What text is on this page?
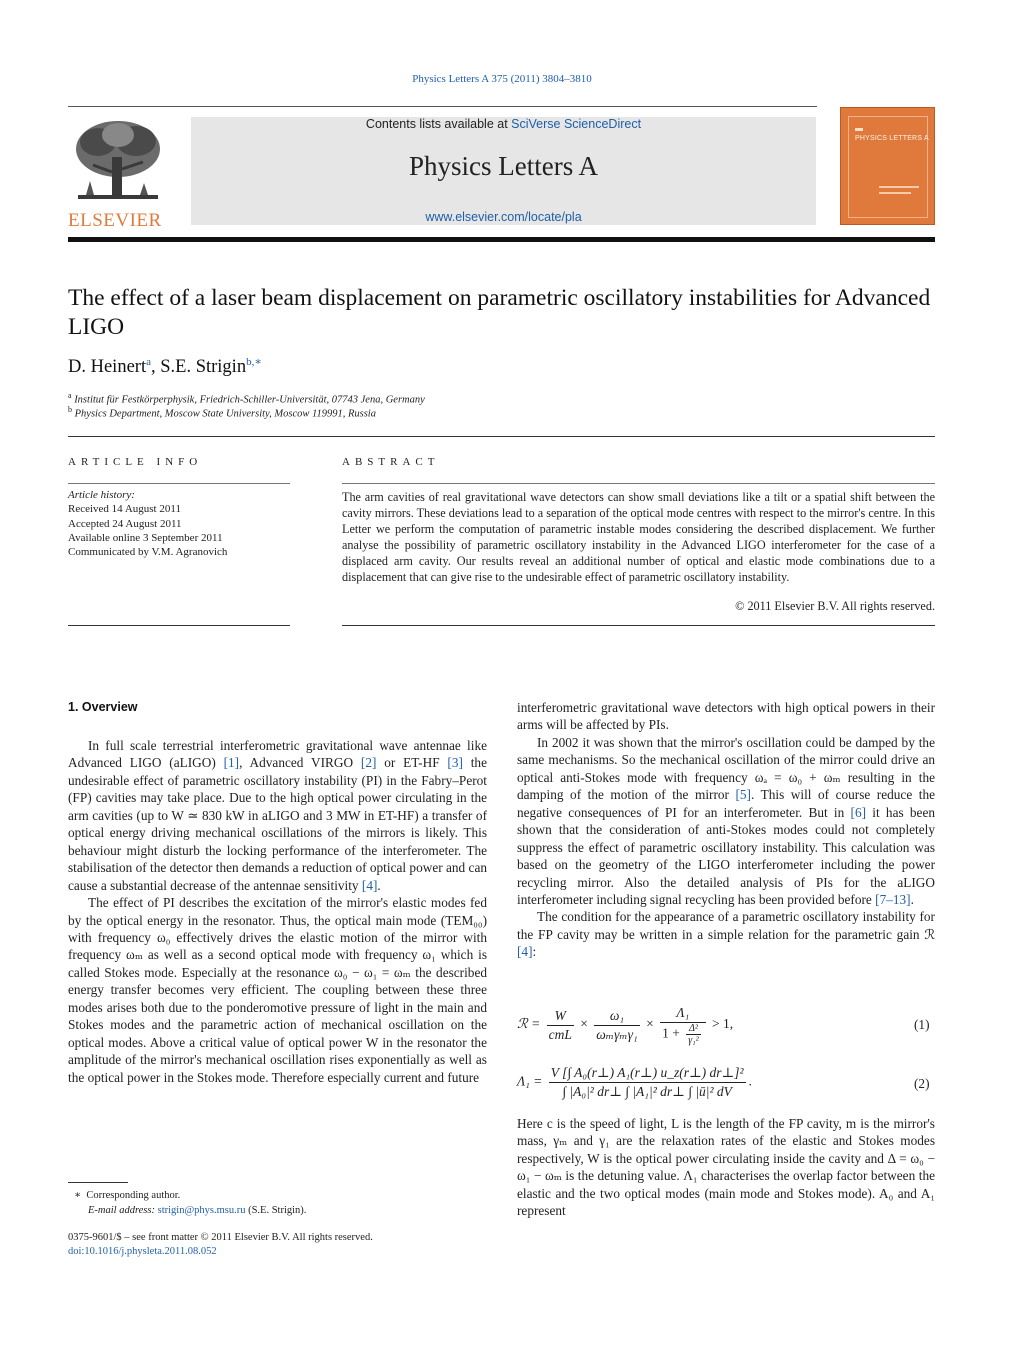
Physics Letters A 375 (2011) 3804–3810
ELSEVIER
Contents lists available at SciVerse ScienceDirect
Physics Letters A
www.elsevier.com/locate/pla
PHYSICS LETTERS A
The effect of a laser beam displacement on parametric oscillatory instabilities for Advanced LIGO
D. Heinert$^a$, S.E. Strigin$^{b,∗}$
$^a$ Institut für Festkörperphysik, Friedrich-Schiller-Universität, 07743 Jena, Germany
$^b$ Physics Department, Moscow State University, Moscow 119991, Russia
ARTICLE INFO
Article history:
Received 14 August 2011
Accepted 24 August 2011
Available online 3 September 2011
Communicated by V.M. Agranovich
ABSTRACT
The arm cavities of real gravitational wave detectors can show small deviations like a tilt or a spatial shift between the cavity mirrors. These deviations lead to a separation of the optical mode centres with respect to the mirror's centre. In this Letter we perform the computation of parametric instable modes considering the described displacement. We further analyse the possibility of parametric oscillatory instability in the Advanced LIGO interferometer for the case of a displaced arm cavity. Our results reveal an additional number of optical and elastic mode combinations due to a displacement that can give rise to the undesirable effect of parametric oscillatory instability.
© 2011 Elsevier B.V. All rights reserved.
1. Overview

In full scale terrestrial interferometric gravitational wave antennae like Advanced LIGO (aLIGO) [1], Advanced VIRGO [2] or ET-HF [3] the undesirable effect of parametric oscillatory instability (PI) in the Fabry–Perot (FP) cavities may take place. Due to the high optical power circulating in the arm cavities (up to W ≃ 830 kW in aLIGO and 3 MW in ET-HF) a transfer of optical energy driving mechanical oscillations of the mirrors is likely. This behaviour might disturb the locking performance of the interferometer. The stabilisation of the detector then demands a reduction of optical power and can cause a substantial decrease of the antennae sensitivity [4].

The effect of PI describes the excitation of the mirror's elastic modes fed by the optical energy in the resonator. Thus, the optical main mode (TEM₀₀) with frequency ω₀ effectively drives the elastic motion of the mirror with frequency ωₘ as well as a second optical mode with frequency ω₁ which is called Stokes mode. Especially at the resonance ω₀ − ω₁ = ωₘ the described energy transfer becomes very efficient. The coupling between these three modes arises both due to the ponderomotive pressure of light in the main and Stokes modes and the parametric action of mechanical oscillation on the optical modes. Above a critical value of optical power W in the resonator the amplitude of the mirror's mechanical oscillation rises exponentially as well as the optical power in the Stokes mode. Therefore especially current and future

interferometric gravitational wave detectors with high optical powers in their arms will be affected by PIs.

In 2002 it was shown that the mirror's oscillation could be damped by the same mechanisms. So the mechanical oscillation of the mirror could drive an optical anti-Stokes mode with frequency ωₐ = ω₀ + ωₘ resulting in the damping of the motion of the mirror [5]. This will of course reduce the negative consequences of PI for an interferometer. But in [6] it has been shown that the consideration of anti-Stokes modes could not completely suppress the effect of parametric oscillatory instability. This calculation was based on the geometry of the LIGO interferometer including the power recycling mirror. Also the detailed analysis of PIs for the aLIGO interferometer including signal recycling has been provided before [7–13].

The condition for the appearance of a parametric oscillatory instability for the FP cavity may be written in a simple relation for the parametric gain ℛ [4]:

ℛ = $\frac{W}{\text{cmL}} \times \frac{\text{ω₁}}{\text{ωₘγₘγ₁}} \times \frac{\text{Λ₁}}{1 + \frac{\text{Δ²}}{\text{γ₁²}}} > 1$,	(1)
$\Lambda_1 = \frac{\text{V [∫ A₀(r⊥) A₁(r⊥) u\_z(r⊥) dr⊥]²}}{\text{∫ |A₀|² dr⊥ ∫ |A₁|² dr⊥ ∫ |ū|² dV}}$ .	(2)

Here c is the speed of light, L is the length of the FP cavity, m is the mirror's mass, γₘ and γ₁ are the relaxation rates of the elastic and Stokes modes respectively, W is the optical power circulating inside the cavity and Δ = ω₀ − ω₁ − ωₘ is the detuning value. Λ₁ characterises the overlap factor between the elastic and the two optical modes (main mode and Stokes mode). A₀ and A₁ represent

∗ Corresponding author.
E-mail address: strigin@phys.msu.ru (S.E. Strigin).
0375-9601/$ – see front matter © 2011 Elsevier B.V. All rights reserved.
doi:10.1016/j.physleta.2011.08.052
